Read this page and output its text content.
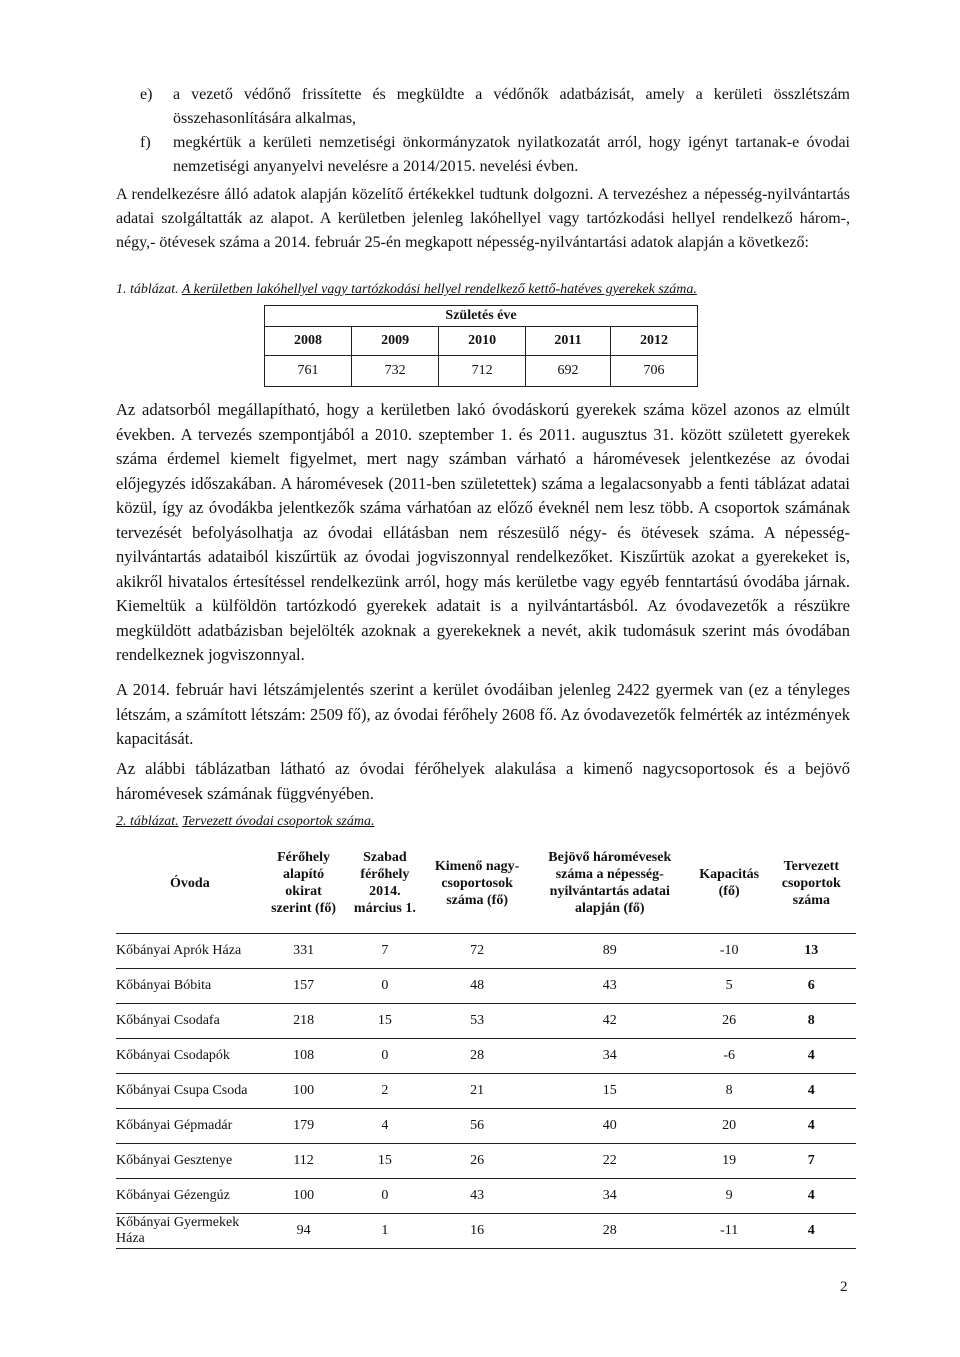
e) a vezető védőnő frissítette és megküldte a védőnők adatbázisát, amely a kerületi összlétszám összehasonlítására alkalmas,
f) megkértük a kerületi nemzetiségi önkormányzatok nyilatkozatát arról, hogy igényt tartanak-e óvodai nemzetiségi anyanyelvi nevelésre a 2014/2015. nevelési évben.
A rendelkezésre álló adatok alapján közelítő értékekkel tudtunk dolgozni. A tervezéshez a népesség-nyilvántartás adatai szolgáltatták az alapot. A kerületben jelenleg lakóhellyel vagy tartózkodási hellyel rendelkező három-, négy,- ötévesek száma a 2014. február 25-én megkapott népesség-nyilvántartási adatok alapján a következő:
1. táblázat. A kerületben lakóhellyel vagy tartózkodási hellyel rendelkező kettő-hatéves gyerekek száma.
Születés éve				
2008	2009	2010	2011	2012
761	732	712	692	706
Az adatsorból megállapítható, hogy a kerületben lakó óvodáskorú gyerekek száma közel azonos az elmúlt években. A tervezés szempontjából a 2010. szeptember 1. és 2011. augusztus 31. között született gyerekek száma érdemel kiemelt figyelmet, mert nagy számban várható a háromévesek jelentkezése az óvodai előjegyzés időszakában. A háromévesek (2011-ben születettek) száma a legalacsonyabb a fenti táblázat adatai közül, így az óvodákba jelentkezők száma várhatóan az előző éveknél nem lesz több. A csoportok számának tervezését befolyásolhatja az óvodai ellátásban nem részesülő négy- és ötévesek száma. A népesség-nyilvántartás adataiból kiszűrtük az óvodai jogviszonnyal rendelkezőket. Kiszűrtük azokat a gyerekeket is, akikről hivatalos értesítéssel rendelkezünk arról, hogy más kerületbe vagy egyéb fenntartású óvodába járnak. Kiemeltük a külföldön tartózkodó gyerekek adatait is a nyilvántartásból. Az óvodavezetők a részükre megküldött adatbázisban bejelölték azoknak a gyerekeknek a nevét, akik tudomásuk szerint más óvodában rendelkeznek jogviszonnyal.
A 2014. február havi létszámjelentés szerint a kerület óvodáiban jelenleg 2422 gyermek van (ez a tényleges létszám, a számított létszám: 2509 fő), az óvodai férőhely 2608 fő. Az óvodavezetők felmérték az intézmények kapacitását.
Az alábbi táblázatban látható az óvodai férőhelyek alakulása a kimenő nagycsoportosok és a bejövő háromévesek számának függvényében.
2. táblázat. Tervezett óvodai csoportok száma.
Óvoda	Férőhely alapító okirat szerint (fő)	Szabad férőhely 2014. március 1.	Kimenő nagy-csoportosok száma (fő)	Bejövő háromévesek száma a népesség-nyilvántartás adatai alapján (fő)	Kapacitás (fő)	Tervezett csoportok száma
Kőbányai Aprók Háza	331	7	72	89	-10	13
Kőbányai Bóbita	157	0	48	43	5	6
Kőbányai Csodafa	218	15	53	42	26	8
Kőbányai Csodapók	108	0	28	34	-6	4
Kőbányai Csupa Csoda	100	2	21	15	8	4
Kőbányai Gépmadár	179	4	56	40	20	4
Kőbányai Gesztenye	112	15	26	22	19	7
Kőbányai Gézengúz	100	0	43	34	9	4
Kőbányai Gyermekek Háza	94	1	16	28	-11	4
2
